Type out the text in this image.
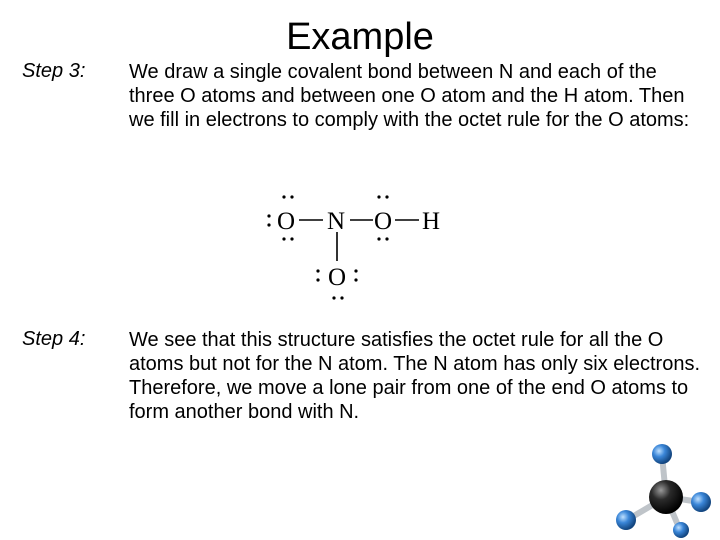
Example
Step 3: We draw a single covalent bond between N and each of the three O atoms and between one O atom and the H atom. Then we fill in electrons to comply with the octet rule for the O atoms:
O N O H
O
Step 4: We see that this structure satisfies the octet rule for all the O atoms but not for the N atom. The N atom has only six electrons. Therefore, we move a lone pair from one of the end O atoms to form another bond with N.
